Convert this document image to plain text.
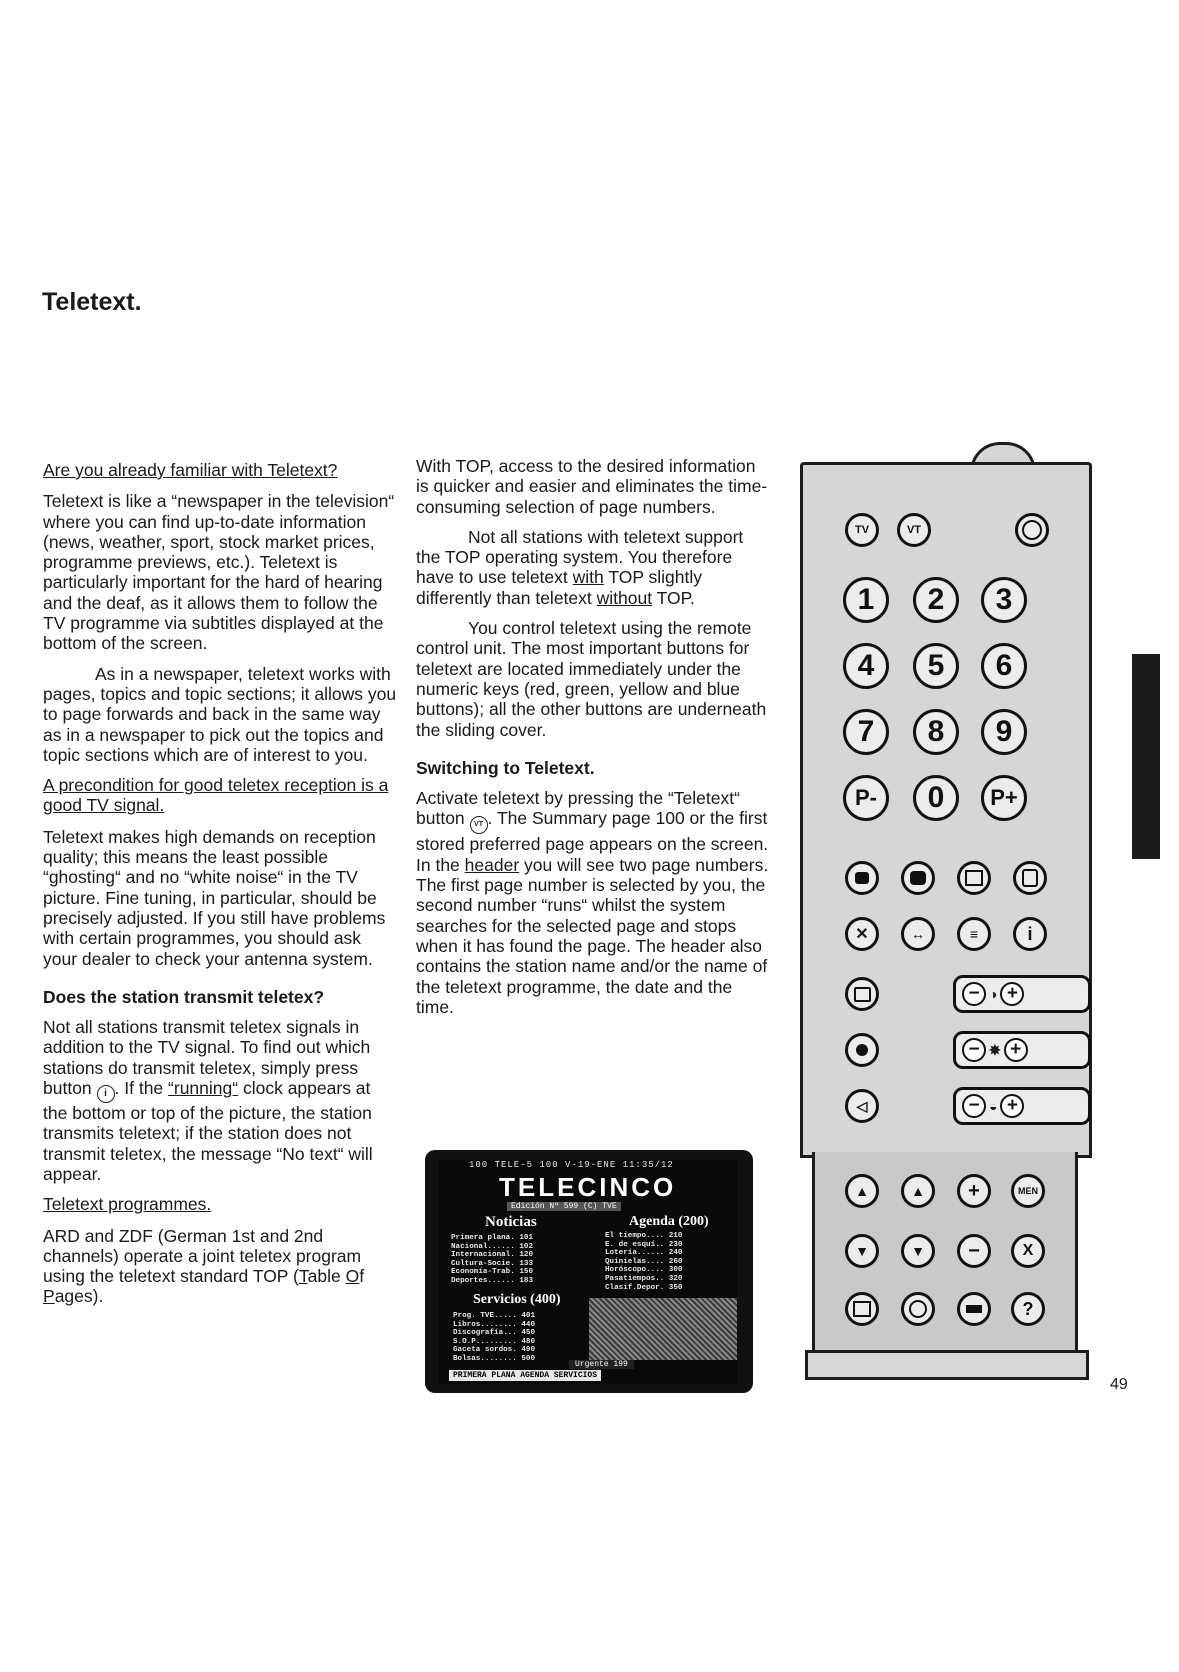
Teletext.

Are you already familiar with Teletext?

Teletext is like a “newspaper in the television“ where you can find up-to-date information (news, weather, sport, stock market prices, programme previews, etc.). Teletext is particularly important for the hard of hearing and the deaf, as it allows them to follow the TV programme via subtitles displayed at the bottom of the screen.

As in a newspaper, teletext works with pages, topics and topic sections; it allows you to page forwards and back in the same way as in a newspaper to pick out the topics and topic sections which are of interest to you.

A precondition for good teletex reception is a good TV signal.

Teletext makes high demands on reception quality; this means the least possible “ghosting“ and no “white noise“ in the TV picture. Fine tuning, in particular, should be precisely adjusted. If you still have problems with certain programmes, you should ask your dealer to check your antenna system.

Does the station transmit teletex?

Not all stations transmit teletex signals in addition to the TV signal. To find out which stations do transmit teletex, simply press button i . If the “running“ clock appears at the bottom or top of the picture, the station transmits teletext; if the station does not transmit teletex, the message “No text“ will appear.

Teletext programmes.

ARD and ZDF (German 1st and 2nd channels) operate a joint teletex program using the teletext standard TOP (Table Of Pages).

With TOP, access to the desired information is quicker and easier and eliminates the time-consuming selection of page numbers.

Not all stations with teletext support the TOP operating system. You therefore have to use teletext with TOP slightly differently than teletext without TOP.

You control teletext using the remote control unit. The most important buttons for teletext are located immediately under the numeric keys (red, green, yellow and blue buttons); all the other buttons are underneath the sliding cover.

Switching to Teletext.

Activate teletext by pressing the “Teletext“ button VT . The Summary page 100 or the first stored preferred page appears on the screen. In the header you will see two page numbers. The first page number is selected by you, the second number “runs“ whilst the system searches for the selected page and stops when it has found the page. The header also contains the station name and/or the name of the teletext programme, the date and the time.

100 TELE-5 100 V-19-ENE 11:35/12
TELECINCO
Edición Nº 599 (C) TVE
Noticias
Primera plana. 101
Nacional...... 102
Internacional. 120
Cultura-Socie. 133
Economía-Trab. 150
Deportes...... 183
Agenda (200)
El tiempo.... 210
E. de esquí.. 230
Lotería...... 240
Quinielas.... 260
Horóscopo.... 300
Pasatiempos.. 320
Clasif.Depor. 350
Servicios (400)
Prog. TVE..... 401
Libros........ 440
Discografía... 450
S.O.P......... 480
Gaceta sordos. 490
Bolsas........ 500
Urgente 199
PRIMERA PLANA AGENDA SERVICIOS
TV	VT
1	2	3
4	5	6
7	8	9
P-	0	P+
✕	↔	≡	i
◁
− ◑ +
− ✸ +
− ◒ +
▲	▲	+	MEN
▼	▼	−	X
?
49
